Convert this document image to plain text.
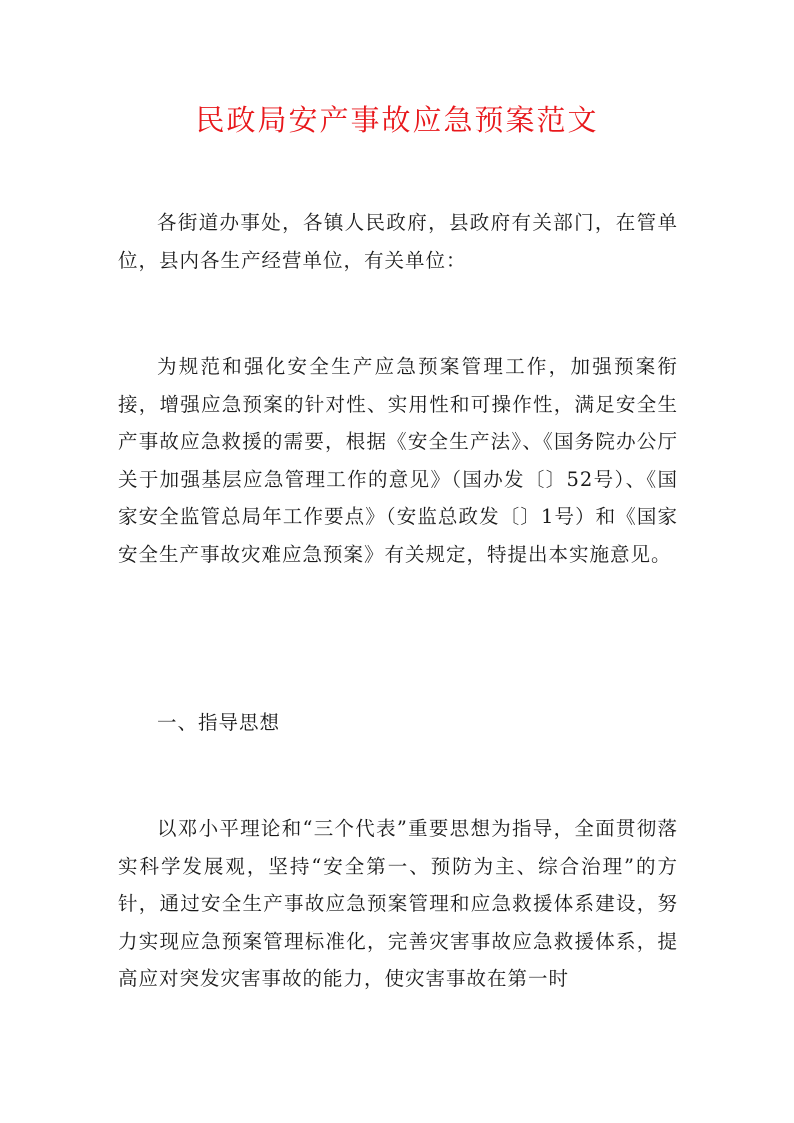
民政局安产事故应急预案范文

各街道办事处，各镇人民政府，县政府有关部门，在管单位，县内各生产经营单位，有关单位：

为规范和强化安全生产应急预案管理工作，加强预案衔接，增强应急预案的针对性、实用性和可操作性，满足安全生产事故应急救援的需要，根据《安全生产法》、《国务院办公厅关于加强基层应急管理工作的意见》（国办发〔〕52号）、《国家安全监管总局年工作要点》（安监总政发〔〕1号）和《国家安全生产事故灾难应急预案》有关规定，特提出本实施意见。

一、指导思想

以邓小平理论和“三个代表”重要思想为指导，全面贯彻落实科学发展观，坚持“安全第一、预防为主、综合治理”的方针，通过安全生产事故应急预案管理和应急救援体系建设，努力实现应急预案管理标准化，完善灾害事故应急救援体系，提高应对突发灾害事故的能力，使灾害事故在第一时
